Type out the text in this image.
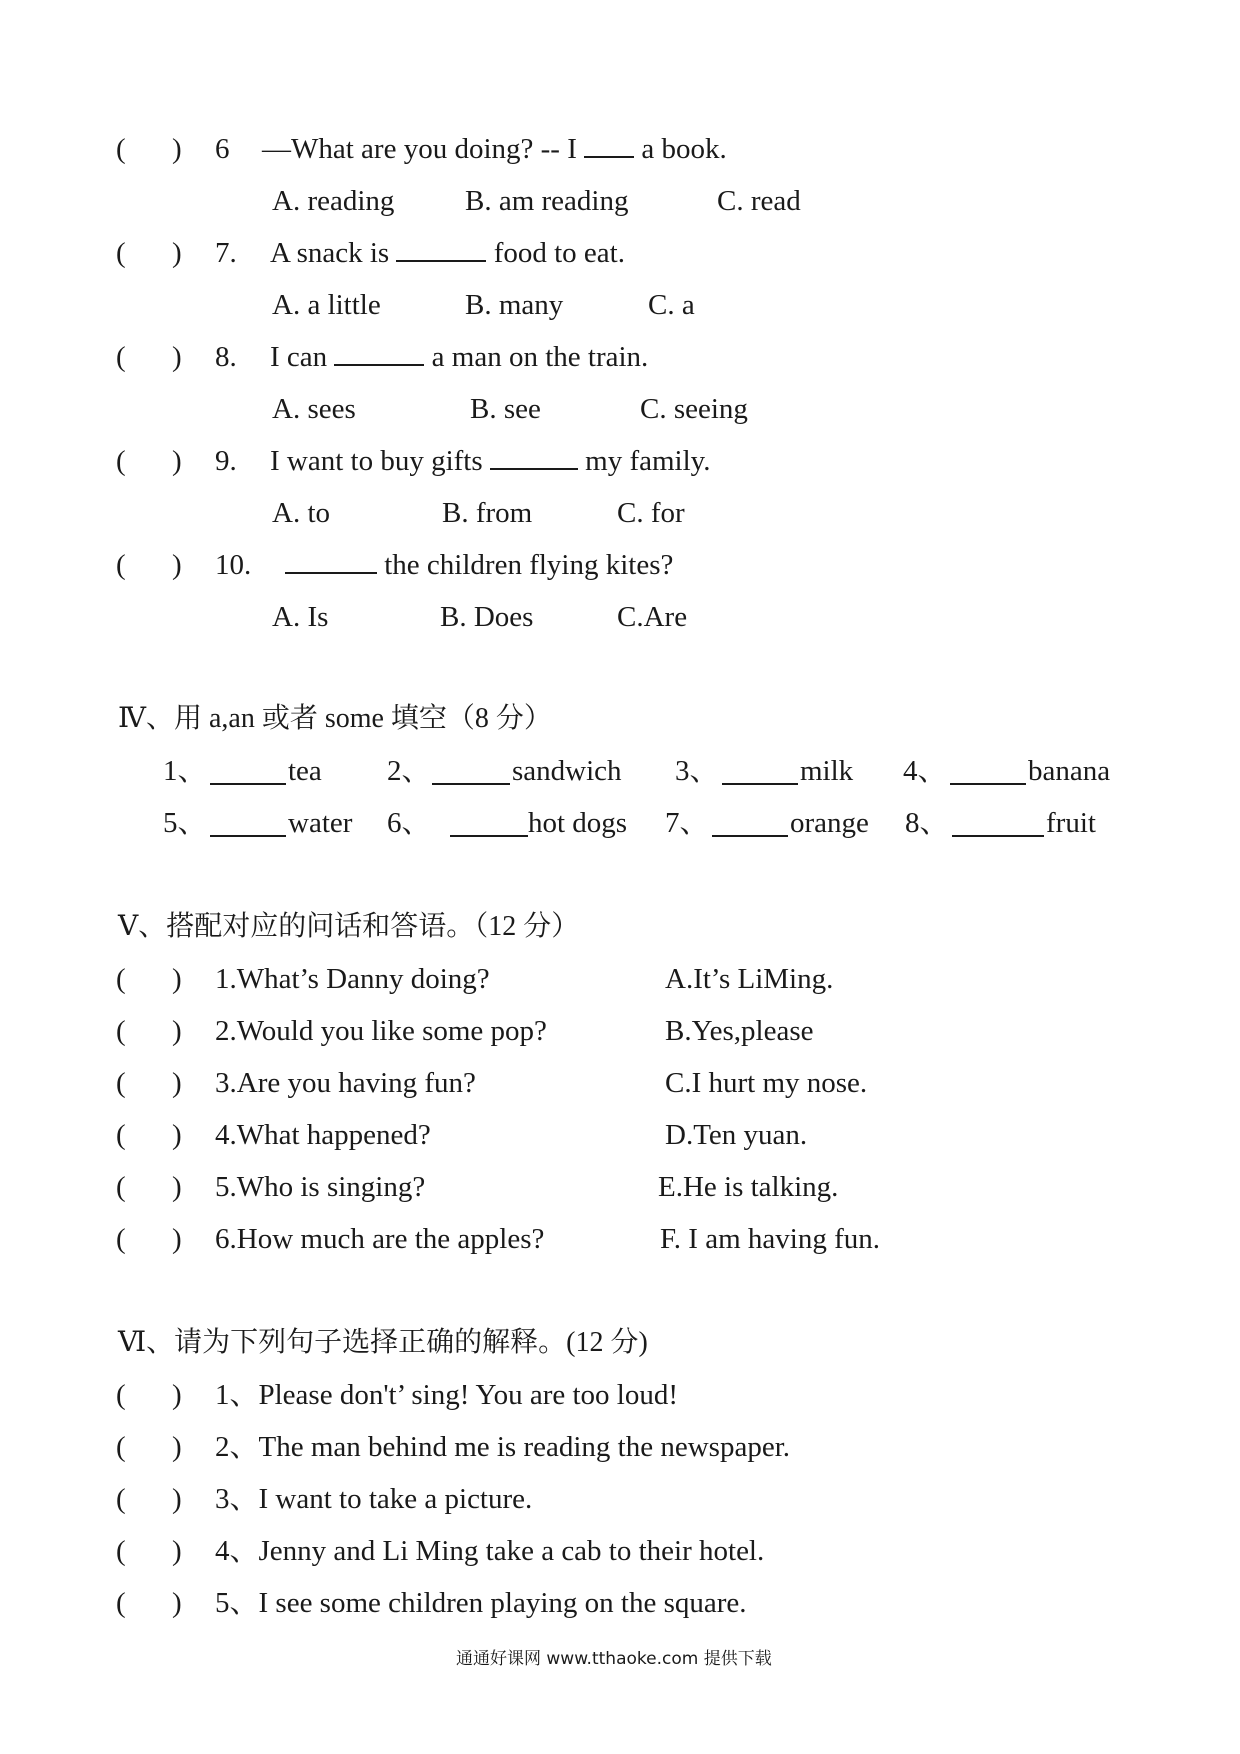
( ) 6 —What are you doing? -- I  a book.
A. reading B. am reading	C. read
( ) 7. A snack is	food to eat.
A. a little	B. many	C. a
( ) 8. I can	a man on the train.
A. sees	B. see	C. seeing
( ) 9. I want to buy gifts	my family.
A. to	B. from	C. for
( ) 10.	the children flying kites?
A. Is	B. Does	C.Are
Ⅳ、用 a,an 或者 some 填空（8 分）
1、	tea 2、	sandwich 3、	milk 4、	banana
5、	water 6、	hot dogs 7、	orange 8、	fruit
Ⅴ、搭配对应的问话和答语。（12 分）
( ) 1.What’s Danny doing?	A.It’s LiMing.
( ) 2.Would you like some pop?	B.Yes,please
( ) 3.Are you having fun?	C.I hurt my nose.
( ) 4.What happened?	D.Ten yuan.
( ) 5.Who is singing?	E.He is talking.
( ) 6.How much are the apples?	F. I am having fun.
Ⅵ、请为下列句子选择正确的解释。(12 分)
( ) 1、Please don't’ sing! You are too loud!
( ) 2、The man behind me is reading the newspaper.
( ) 3、I want to take a picture.
( ) 4、Jenny and Li Ming take a cab to their hotel.
( ) 5、I see some children playing on the square.
通通好课网 www.tthaoke.com 提供下载
